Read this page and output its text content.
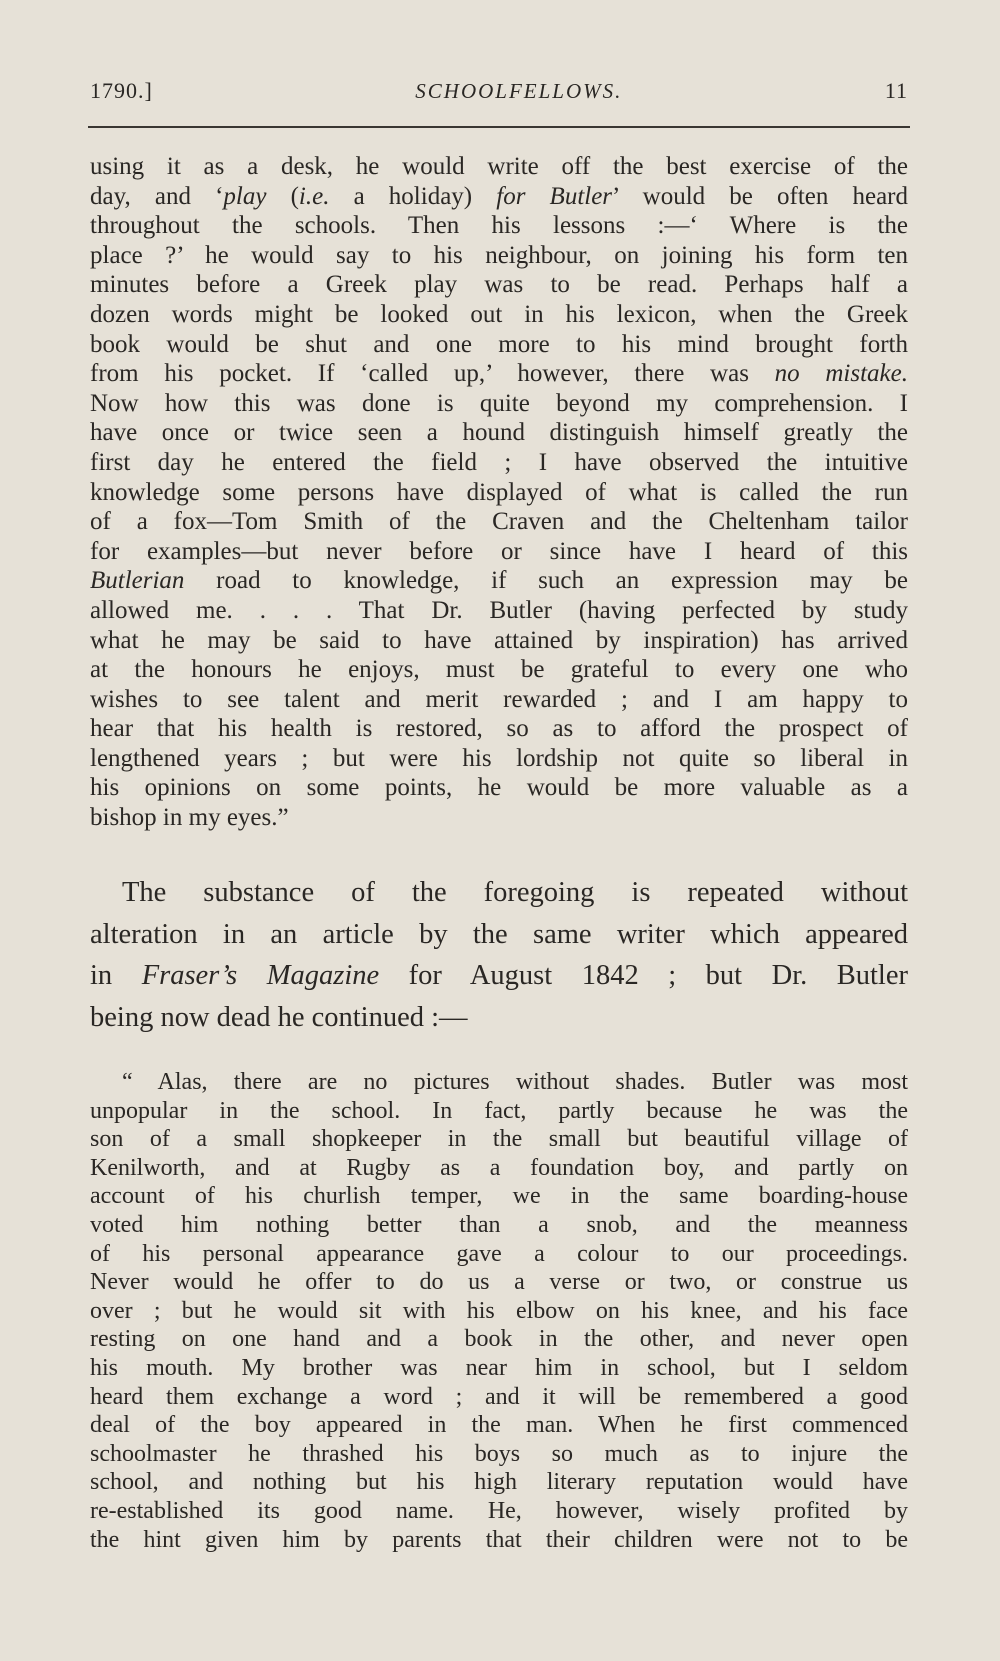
1790.]	SCHOOLFELLOWS.	11
using it as a desk, he would write off the best exercise of the
day, and ‘play (i.e. a holiday) for Butler’ would be often heard
throughout the schools. Then his lessons :—‘ Where is the
place ?’ he would say to his neighbour, on joining his form ten
minutes before a Greek play was to be read. Perhaps half a
dozen words might be looked out in his lexicon, when the Greek
book would be shut and one more to his mind brought forth
from his pocket. If ‘called up,’ however, there was no mistake.
Now how this was done is quite beyond my comprehension. I
have once or twice seen a hound distinguish himself greatly the
first day he entered the field ; I have observed the intuitive
knowledge some persons have displayed of what is called the run
of a fox—Tom Smith of the Craven and the Cheltenham tailor
for examples—but never before or since have I heard of this
Butlerian road to knowledge, if such an expression may be
allowed me. . . . That Dr. Butler (having perfected by study
what he may be said to have attained by inspiration) has arrived
at the honours he enjoys, must be grateful to every one who
wishes to see talent and merit rewarded ; and I am happy to
hear that his health is restored, so as to afford the prospect of
lengthened years ; but were his lordship not quite so liberal in
his opinions on some points, he would be more valuable as a
bishop in my eyes.”
The substance of the foregoing is repeated without
alteration in an article by the same writer which appeared
in Fraser’s Magazine for August 1842 ; but Dr. Butler
being now dead he continued :—
“ Alas, there are no pictures without shades. Butler was most
unpopular in the school. In fact, partly because he was the
son of a small shopkeeper in the small but beautiful village of
Kenilworth, and at Rugby as a foundation boy, and partly on
account of his churlish temper, we in the same boarding-house
voted him nothing better than a snob, and the meanness
of his personal appearance gave a colour to our proceedings.
Never would he offer to do us a verse or two, or construe us
over ; but he would sit with his elbow on his knee, and his face
resting on one hand and a book in the other, and never open
his mouth. My brother was near him in school, but I seldom
heard them exchange a word ; and it will be remembered a good
deal of the boy appeared in the man. When he first commenced
schoolmaster he thrashed his boys so much as to injure the
school, and nothing but his high literary reputation would have
re-established its good name. He, however, wisely profited by
the hint given him by parents that their children were not to be
